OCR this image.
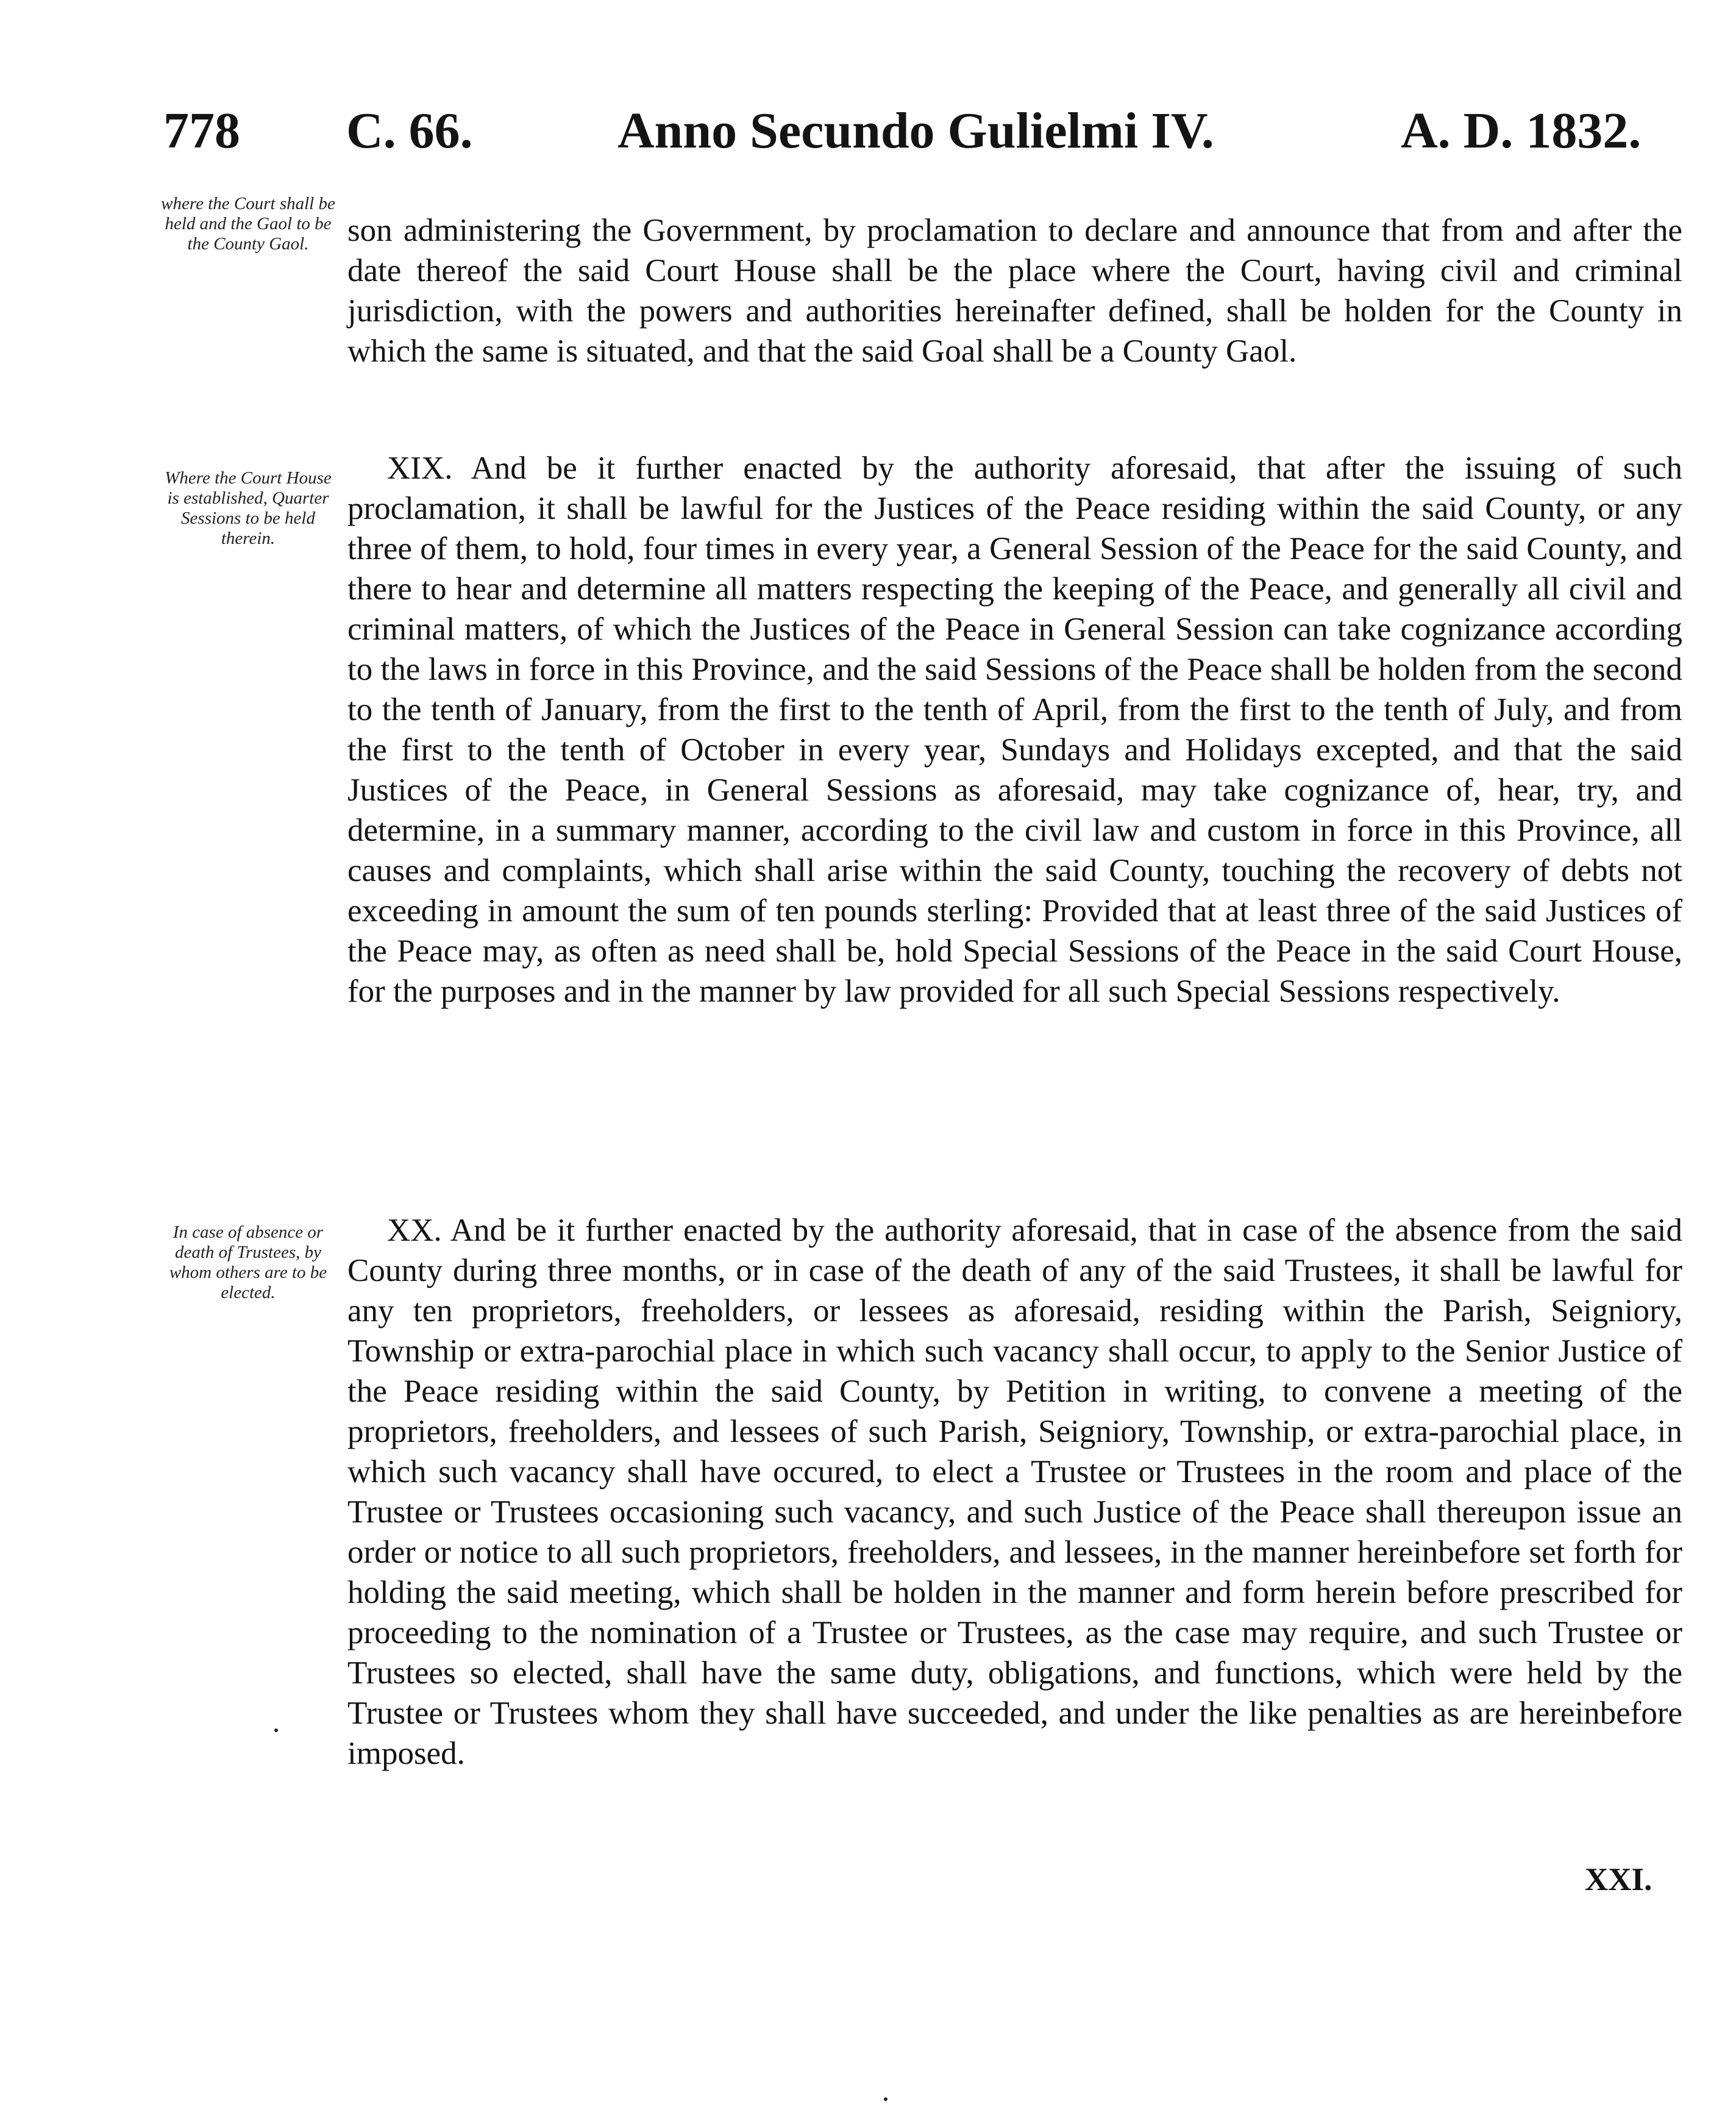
778 C. 66.	Anno Secundo Gulielmi IV.	A. D. 1832.
where the Court shall be held and the Gaol to be the County Gaol.
Where the Court House is established, Quarter Sessions to be held therein.
In case of absence or death of Trustees, by whom others are to be elected.

son administering the Government, by proclamation to declare and announce that from and after the date thereof the said Court House shall be the place where the Court, having civil and criminal jurisdiction, with the powers and authorities hereinafter defined, shall be holden for the County in which the same is situated, and that the said Goal shall be a County Gaol.

XIX. And be it further enacted by the authority aforesaid, that after the issuing of such proclamation, it shall be lawful for the Justices of the Peace residing within the said County, or any three of them, to hold, four times in every year, a General Session of the Peace for the said County, and there to hear and determine all matters respecting the keeping of the Peace, and generally all civil and criminal matters, of which the Justices of the Peace in General Session can take cognizance according to the laws in force in this Province, and the said Sessions of the Peace shall be holden from the second to the tenth of January, from the first to the tenth of April, from the first to the tenth of July, and from the first to the tenth of October in every year, Sundays and Holidays excepted, and that the said Justices of the Peace, in General Sessions as aforesaid, may take cognizance of, hear, try, and determine, in a summary manner, according to the civil law and custom in force in this Province, all causes and complaints, which shall arise within the said County, touching the recovery of debts not exceeding in amount the sum of ten pounds sterling: Provided that at least three of the said Justices of the Peace may, as often as need shall be, hold Special Sessions of the Peace in the said Court House, for the purposes and in the manner by law provided for all such Special Sessions respectively.

XX. And be it further enacted by the authority aforesaid, that in case of the absence from the said County during three months, or in case of the death of any of the said Trustees, it shall be lawful for any ten proprietors, freeholders, or lessees as aforesaid, residing within the Parish, Seigniory, Township or extra-parochial place in which such vacancy shall occur, to apply to the Senior Justice of the Peace residing within the said County, by Petition in writing, to convene a meeting of the proprietors, freeholders, and lessees of such Parish, Seigniory, Township, or extra-parochial place, in which such vacancy shall have occured, to elect a Trustee or Trustees in the room and place of the Trustee or Trustees occasioning such vacancy, and such Justice of the Peace shall thereupon issue an order or notice to all such proprietors, freeholders, and lessees, in the manner hereinbefore set forth for holding the said meeting, which shall be holden in the manner and form herein before prescribed for proceeding to the nomination of a Trustee or Trustees, as the case may require, and such Trustee or Trustees so elected, shall have the same duty, obligations, and functions, which were held by the Trustee or Trustees whom they shall have succeeded, and under the like penalties as are hereinbefore imposed.

XXI.
